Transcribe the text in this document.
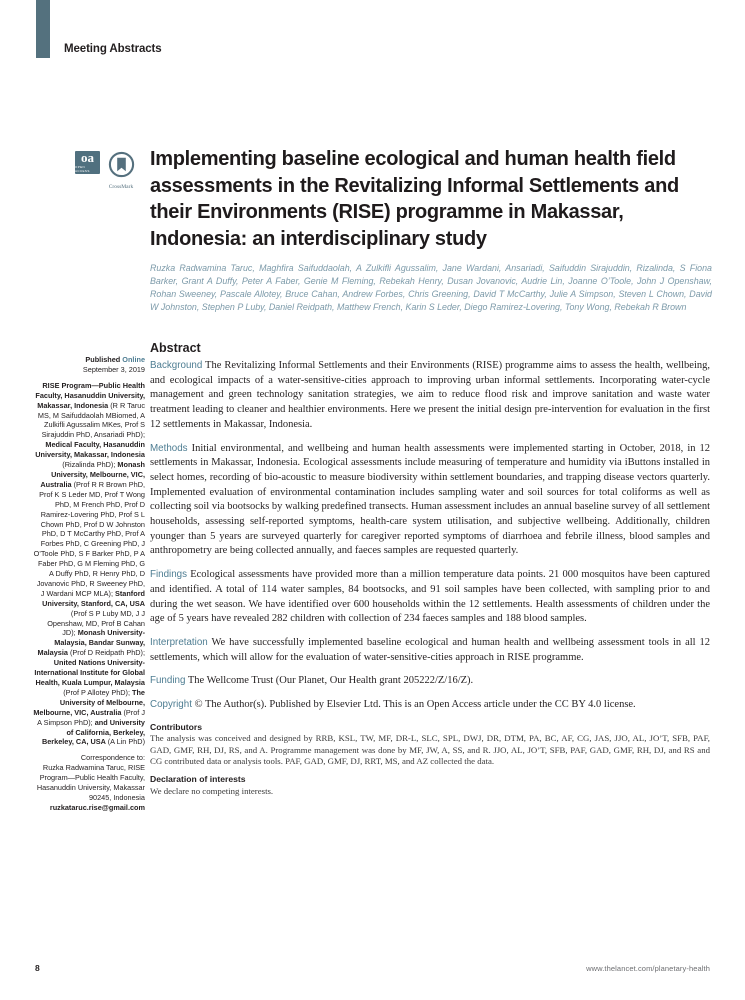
Meeting Abstracts
oa
OPEN ACCESS
CrossMark
Implementing baseline ecological and human health field assessments in the Revitalizing Informal Settlements and their Environments (RISE) programme in Makassar, Indonesia: an interdisciplinary study
Ruzka Radwamina Taruc, Maghfira Saifuddaolah, A Zulkifli Agussalim, Jane Wardani, Ansariadi, Saifuddin Sirajuddin, Rizalinda, S Fiona Barker, Grant A Duffy, Peter A Faber, Genie M Fleming, Rebekah Henry, Dusan Jovanovic, Audrie Lin, Joanne O’Toole, John J Openshaw, Rohan Sweeney, Pascale Allotey, Bruce Cahan, Andrew Forbes, Chris Greening, David T McCarthy, Julie A Simpson, Steven L Chown, David W Johnston, Stephen P Luby, Daniel Reidpath, Matthew French, Karin S Leder, Diego Ramirez-Lovering, Tony Wong, Rebekah R Brown
Abstract

Background The Revitalizing Informal Settlements and their Environments (RISE) programme aims to assess the health, wellbeing, and ecological impacts of a water-sensitive-cities approach to improving urban informal settlements. Incorporating water-cycle management and green technology sanitation strategies, we aim to reduce flood risk and improve sanitation and waste water treatment leading to cleaner and healthier environments. Here we present the initial design pre-intervention for evaluation in the first 12 settlements in Makassar, Indonesia.

Methods Initial environmental, and wellbeing and human health assessments were implemented starting in October, 2018, in 12 settlements in Makassar, Indonesia. Ecological assessments include measuring of temperature and humidity via iButtons installed in select homes, recording of bio-acoustic to measure biodiversity within settlement boundaries, and trapping disease vectors quarterly. Implemented evaluation of environmental contamination includes sampling water and soil sources for total coliforms as well as collecting soil via bootsocks by walking predefined transects. Human assessment includes an annual baseline survey of all settlement households, assessing self-reported symptoms, health-care system utilisation, and subjective wellbeing. Additionally, children younger than 5 years are surveyed quarterly for caregiver reported symptoms of diarrhoea and febrile illness, blood samples and anthropometry are being collected annually, and faeces samples are requested quarterly.

Findings Ecological assessments have provided more than a million temperature data points. 21 000 mosquitos have been captured and identified. A total of 114 water samples, 84 bootsocks, and 91 soil samples have been collected, with sampling prior to and during the wet season. We have identified over 600 households within the 12 settlements. Health assessments of children under the age of 5 years have revealed 282 children with collection of 234 faeces samples and 188 blood samples.

Interpretation We have successfully implemented baseline ecological and human health and wellbeing assessment tools in all 12 settlements, which will allow for the evaluation of water-sensitive-cities approach in RISE programme.

Funding The Wellcome Trust (Our Planet, Our Health grant 205222/Z/16/Z).

Copyright © The Author(s). Published by Elsevier Ltd. This is an Open Access article under the CC BY 4.0 license.

Contributors

The analysis was conceived and designed by RRB, KSL, TW, MF, DR-L, SLC, SPL, DWJ, DR, DTM, PA, BC, AF, CG, JAS, JJO, AL, JO’T, SFB, PAF, GAD, GMF, RH, DJ, RS, and A. Programme management was done by MF, JW, A, SS, and R. JJO, AL, JO’T, SFB, PAF, GAD, GMF, RH, DJ, and RS and CG contributed data or analysis tools. PAF, GAD, GMF, DJ, RRT, MS, and AZ collected the data.

Declaration of interests

We declare no competing interests.

Published Online

September 3, 2019

RISE Program—Public Health Faculty, Hasanuddin University, Makassar, Indonesia (R R Taruc MS, M Saifuddaolah MBiomed, A Zulkifli Agussalim MKes, Prof S Sirajuddin PhD, Ansariadi PhD); Medical Faculty, Hasanuddin University, Makassar, Indonesia (Rizalinda PhD); Monash University, Melbourne, VIC, Australia (Prof R R Brown PhD, Prof K S Leder MD, Prof T Wong PhD, M French PhD, Prof D Ramirez-Lovering PhD, Prof S L Chown PhD, Prof D W Johnston PhD, D T McCarthy PhD, Prof A Forbes PhD, C Greening PhD, J O’Toole PhD, S F Barker PhD, P A Faber PhD, G M Fleming PhD, G A Duffy PhD, R Henry PhD, D Jovanovic PhD, R Sweeney PhD, J Wardani MCP MLA); Stanford University, Stanford, CA, USA (Prof S P Luby MD, J J Openshaw, MD, Prof B Cahan JD); Monash University-Malaysia, Bandar Sunway, Malaysia (Prof D Reidpath PhD); United Nations University-International Institute for Global Health, Kuala Lumpur, Malaysia (Prof P Allotey PhD); The University of Melbourne, Melbourne, VIC, Australia (Prof J A Simpson PhD); and University of California, Berkeley, Berkeley, CA, USA (A Lin PhD)

Correspondence to:

Ruzka Radwamina Taruc, RISE Program—Public Health Faculty, Hasanuddin University, Makassar 90245, Indonesia

ruzkataruc.rise@gmail.com

8	www.thelancet.com/planetary-health
